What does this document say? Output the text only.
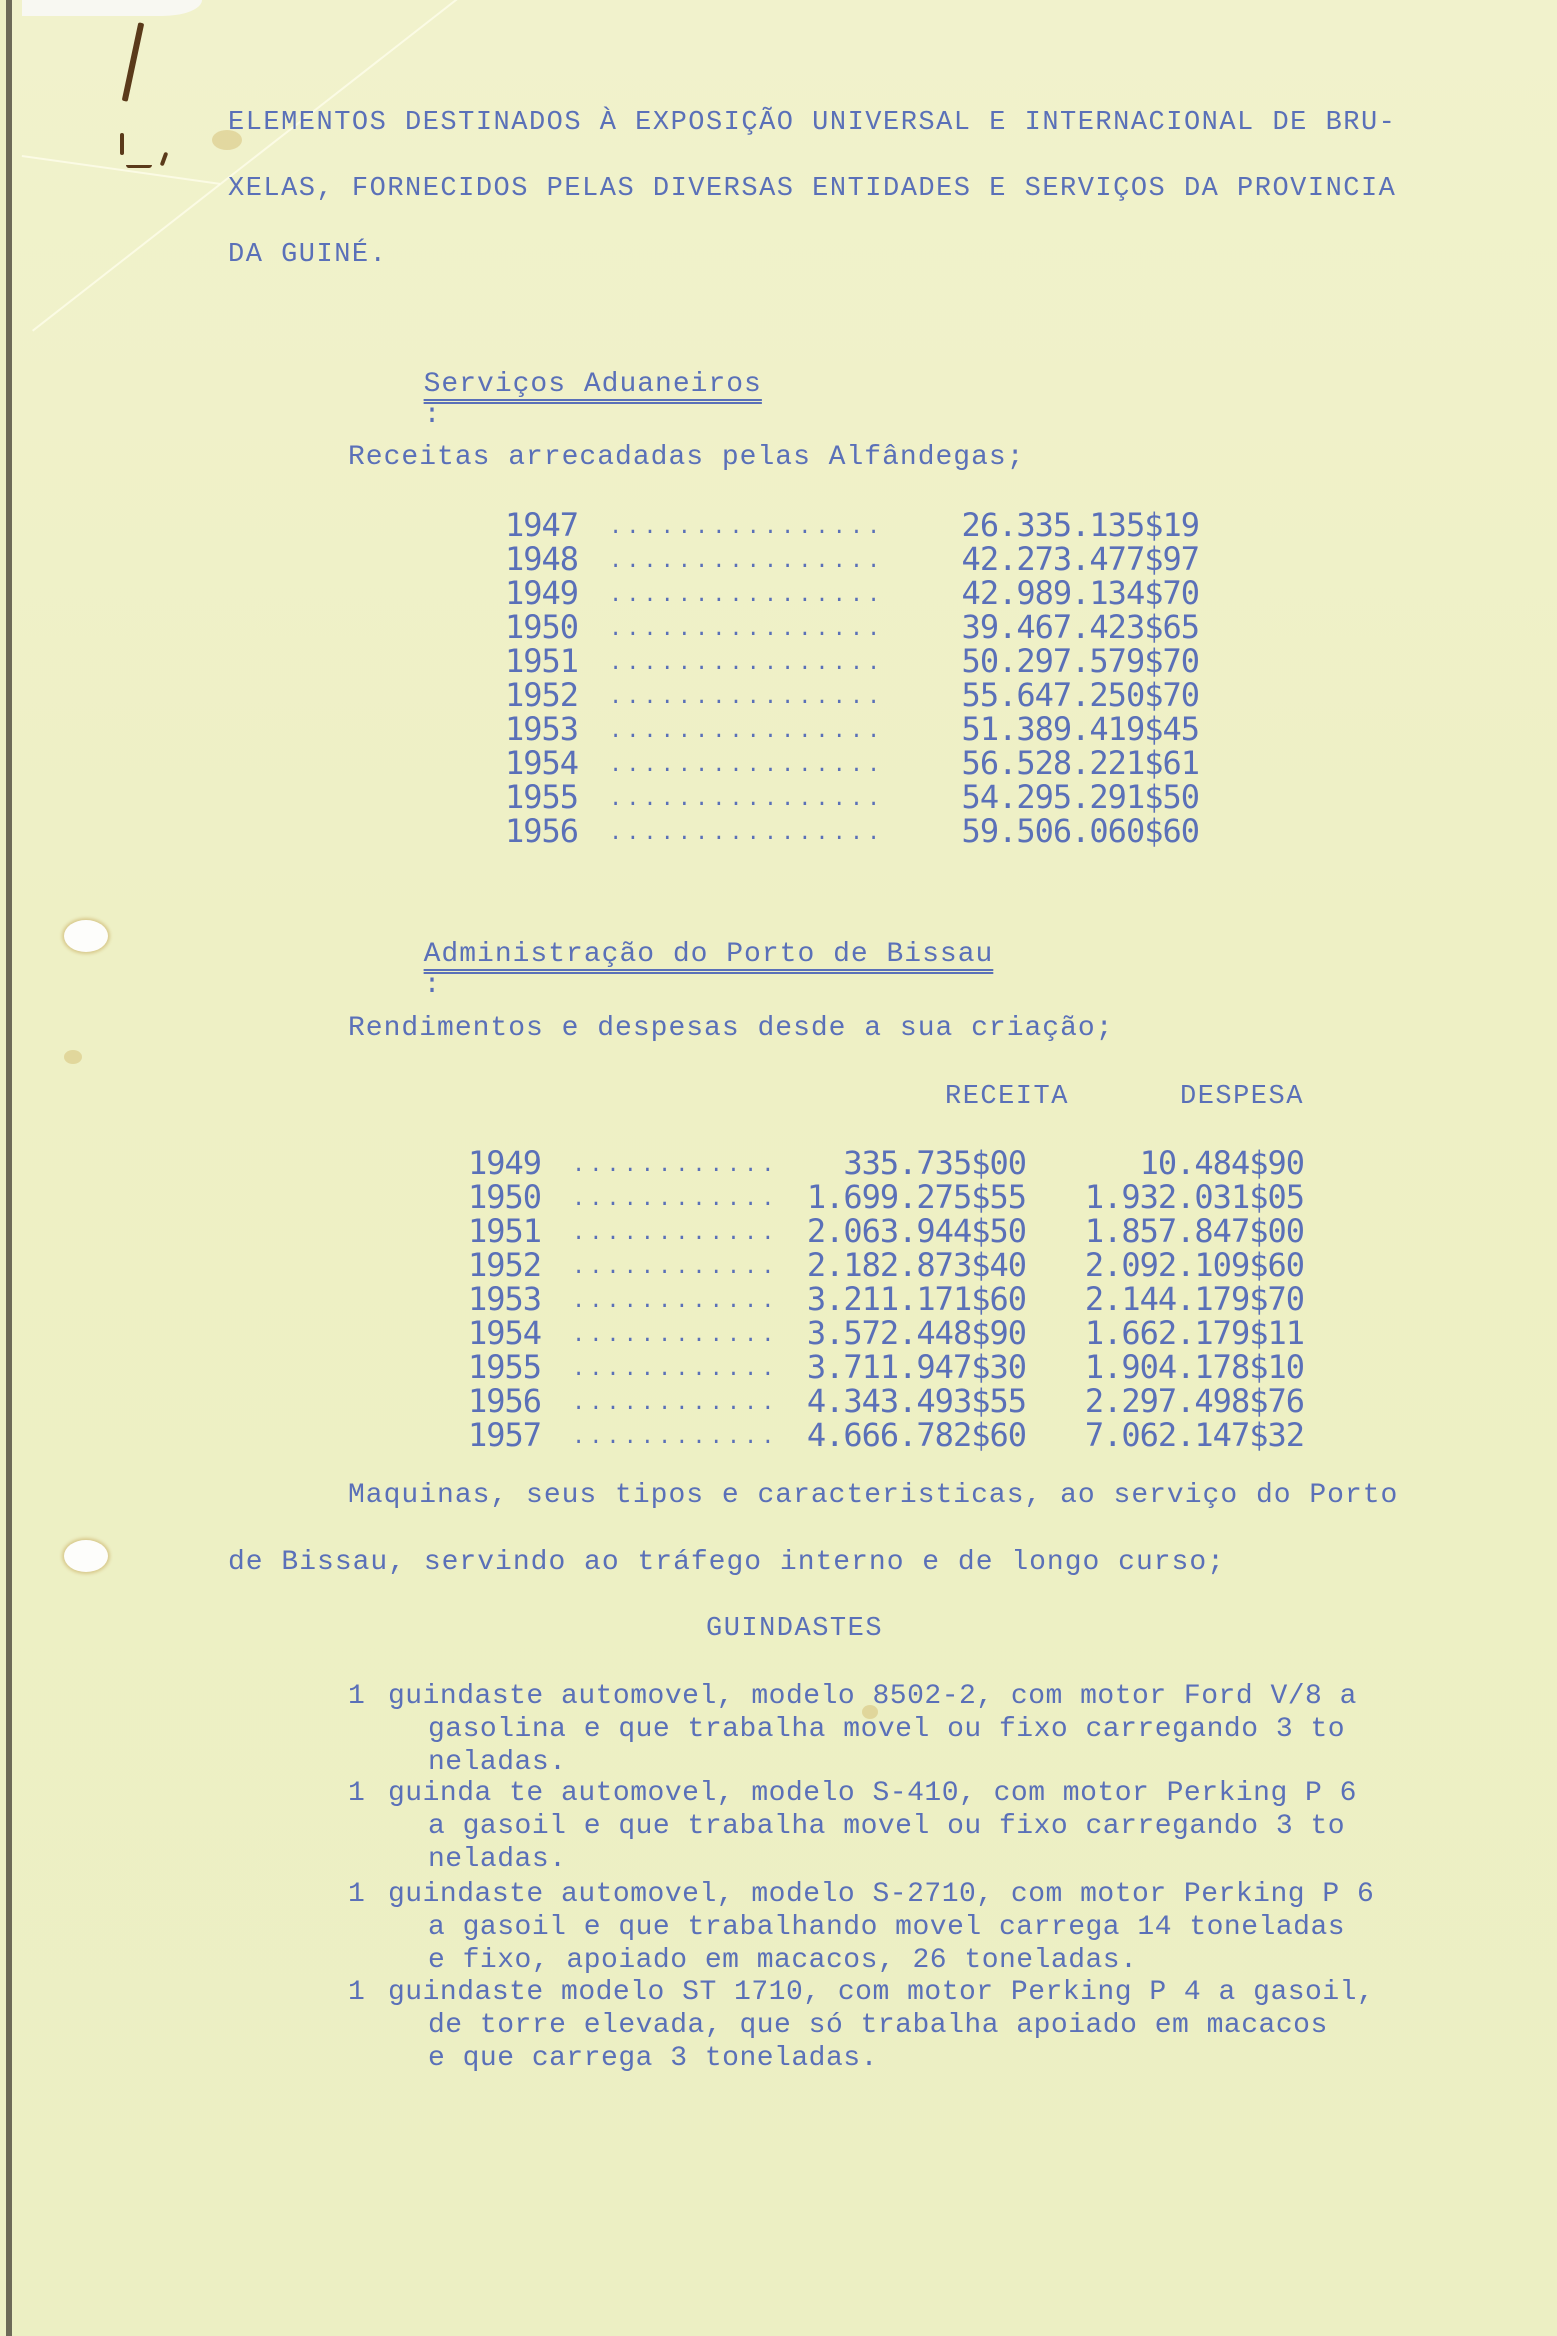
ELEMENTOS DESTINADOS À EXPOSIÇÃO UNIVERSAL E INTERNACIONAL DE BRU-
XELAS, FORNECIDOS PELAS DIVERSAS ENTIDADES E SERVIÇOS DA PROVINCIA
DA GUINÉ.

Serviços Aduaneiros
:

Receitas arrecadadas pelas Alfândegas;
1947	................	26.335.135$19
1948	................	42.273.477$97
1949	................	42.989.134$70
1950	................	39.467.423$65
1951	................	50.297.579$70
1952	................	55.647.250$70
1953	................	51.389.419$45
1954	................	56.528.221$61
1955	................	54.295.291$50
1956	................	59.506.060$60

Administração do Porto de Bissau
:

Rendimentos e despesas desde a sua criação;
RECEITA	DESPESA
1949	............	335.735$00	10.484$90
1950	............ 1.699.275$55	1.932.031$05
1951	............ 2.063.944$50	1.857.847$00
1952	............ 2.182.873$40	2.092.109$60
1953	............ 3.211.171$60	2.144.179$70
1954	............ 3.572.448$90	1.662.179$11
1955	............ 3.711.947$30	1.904.178$10
1956	............ 4.343.493$55	2.297.498$76
1957	............ 4.666.782$60	7.062.147$32
Maquinas, seus tipos e caracteristicas, ao serviço do Porto
de Bissau, servindo ao tráfego interno e de longo curso;
GUINDASTES
1 guindaste automovel, modelo 8502-2, com motor Ford V/8 a
gasolina e que trabalha movel ou fixo carregando 3 to
neladas.
1 guinda te automovel, modelo S-410, com motor Perking P 6
a gasoil e que trabalha movel ou fixo carregando 3 to
neladas.
1 guindaste automovel, modelo S-2710, com motor Perking P 6
a gasoil e que trabalhando movel carrega 14 toneladas
e fixo, apoiado em macacos, 26 toneladas.
1 guindaste modelo ST 1710, com motor Perking P 4 a gasoil,
de torre elevada, que só trabalha apoiado em macacos
e que carrega 3 toneladas.
